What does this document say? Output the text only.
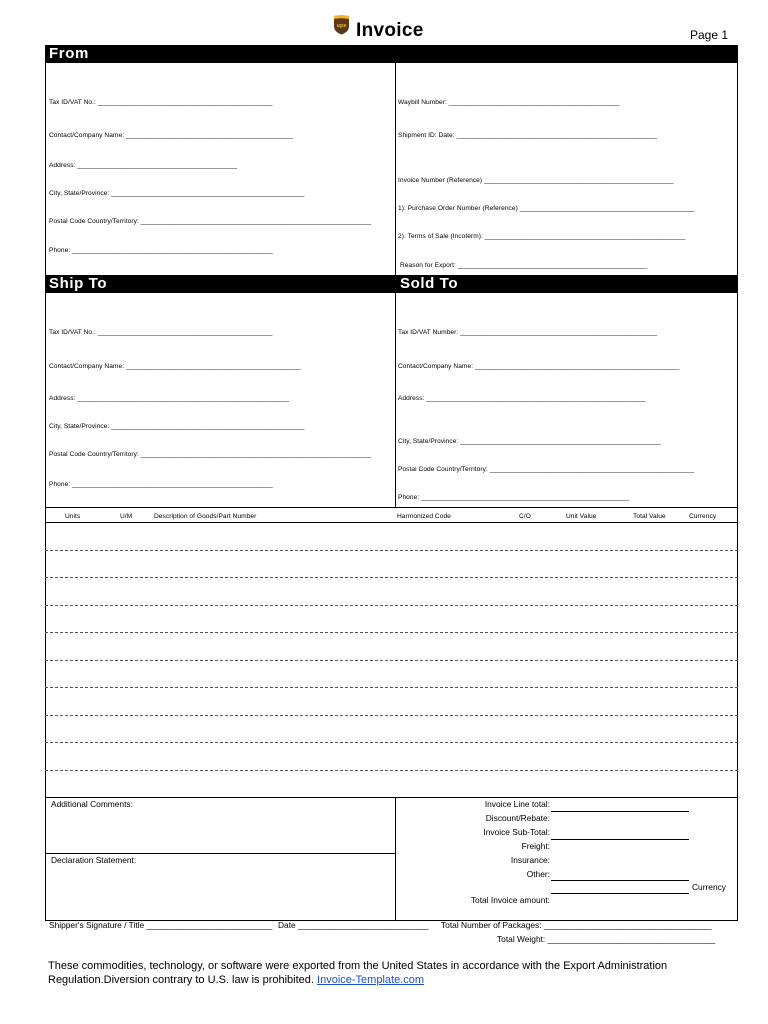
ups Invoice	Page 1
From
Tax ID/VAT No.: _______________________________________________
Contact/Company Name: _____________________________________________
Address: ___________________________________________
City, State/Province: ____________________________________________________
Postal Code Country/Territory: ______________________________________________________________
Phone: ______________________________________________________
Waybill Number: ______________________________________________
Shipment ID: Date: ______________________________________________________
Invoice Number (Reference) ___________________________________________________
1): Purchase Order Number (Reference) _______________________________________________
2): Terms of Sale (Incoterm): ______________________________________________________
Reason for Export: ___________________________________________________
Ship To	Sold To
Tax ID/VAT No.: _______________________________________________
Contact/Company Name: _______________________________________________
Address: _________________________________________________________
City, State/Province: ____________________________________________________
Postal Code Country/Territory: ______________________________________________________________
Phone: ______________________________________________________
Tax ID/VAT Number: _____________________________________________________
Contact/Company Name: _______________________________________________________
Address: ___________________________________________________________
City, State/Province: ______________________________________________________
Postal Code Country/Territory: _______________________________________________________
Phone: ________________________________________________________
Units	U/M	Description of Goods/Part Number	Harmonized Code	C/O	Unit Value	Total Value	Currency
Additional Comments:
Declaration Statement:
Invoice Line total:
Discount/Rebate:
Invoice Sub-Total:
Freight:
Insurance:
Other:
Total Invoice amount:
Currency
Shipper's Signature / Title ___________________________ Date ____________________________ Total Number of Packages: ____________________________________
Total Weight: ____________________________________
These commodities, technology, or software were exported from the United States in accordance with the Export Administration Regulation.Diversion contrary to U.S. law is prohibited. Invoice-Template.com
